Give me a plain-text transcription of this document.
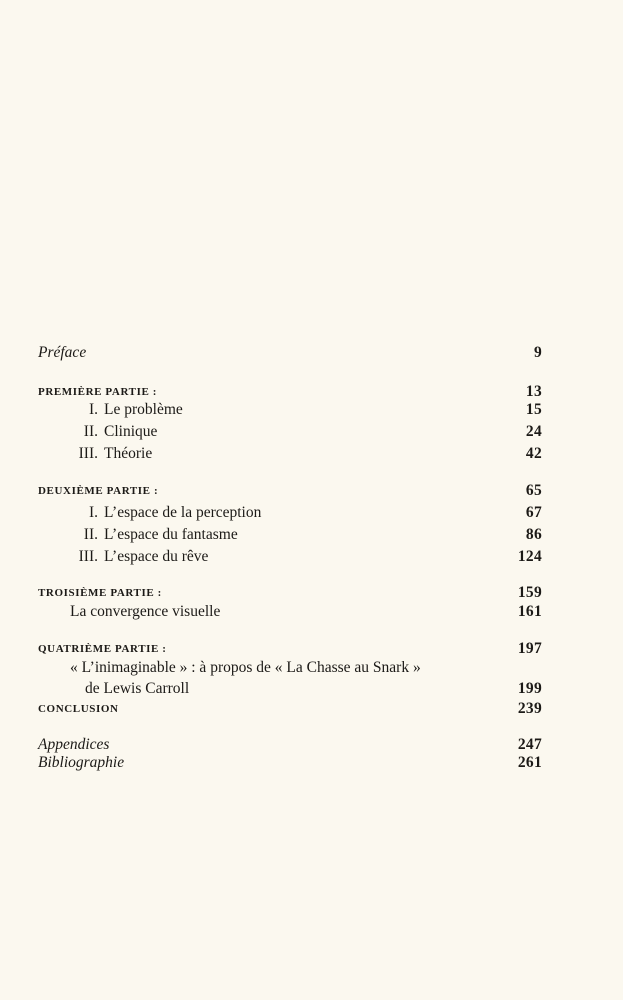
Préface	9
PREMIÈRE PARTIE :	13
I. Le problème	15
II. Clinique	24
III. Théorie	42
DEUXIÈME PARTIE :	65
I. L’espace de la perception	67
II. L’espace du fantasme	86
III. L’espace du rêve	124
TROISIÈME PARTIE :	159
La convergence visuelle	161
QUATRIÈME PARTIE :	197
« L’inimaginable » : à propos de « La Chasse au Snark »
de Lewis Carroll	199
CONCLUSION	239
Appendices	247
Bibliographie	261
